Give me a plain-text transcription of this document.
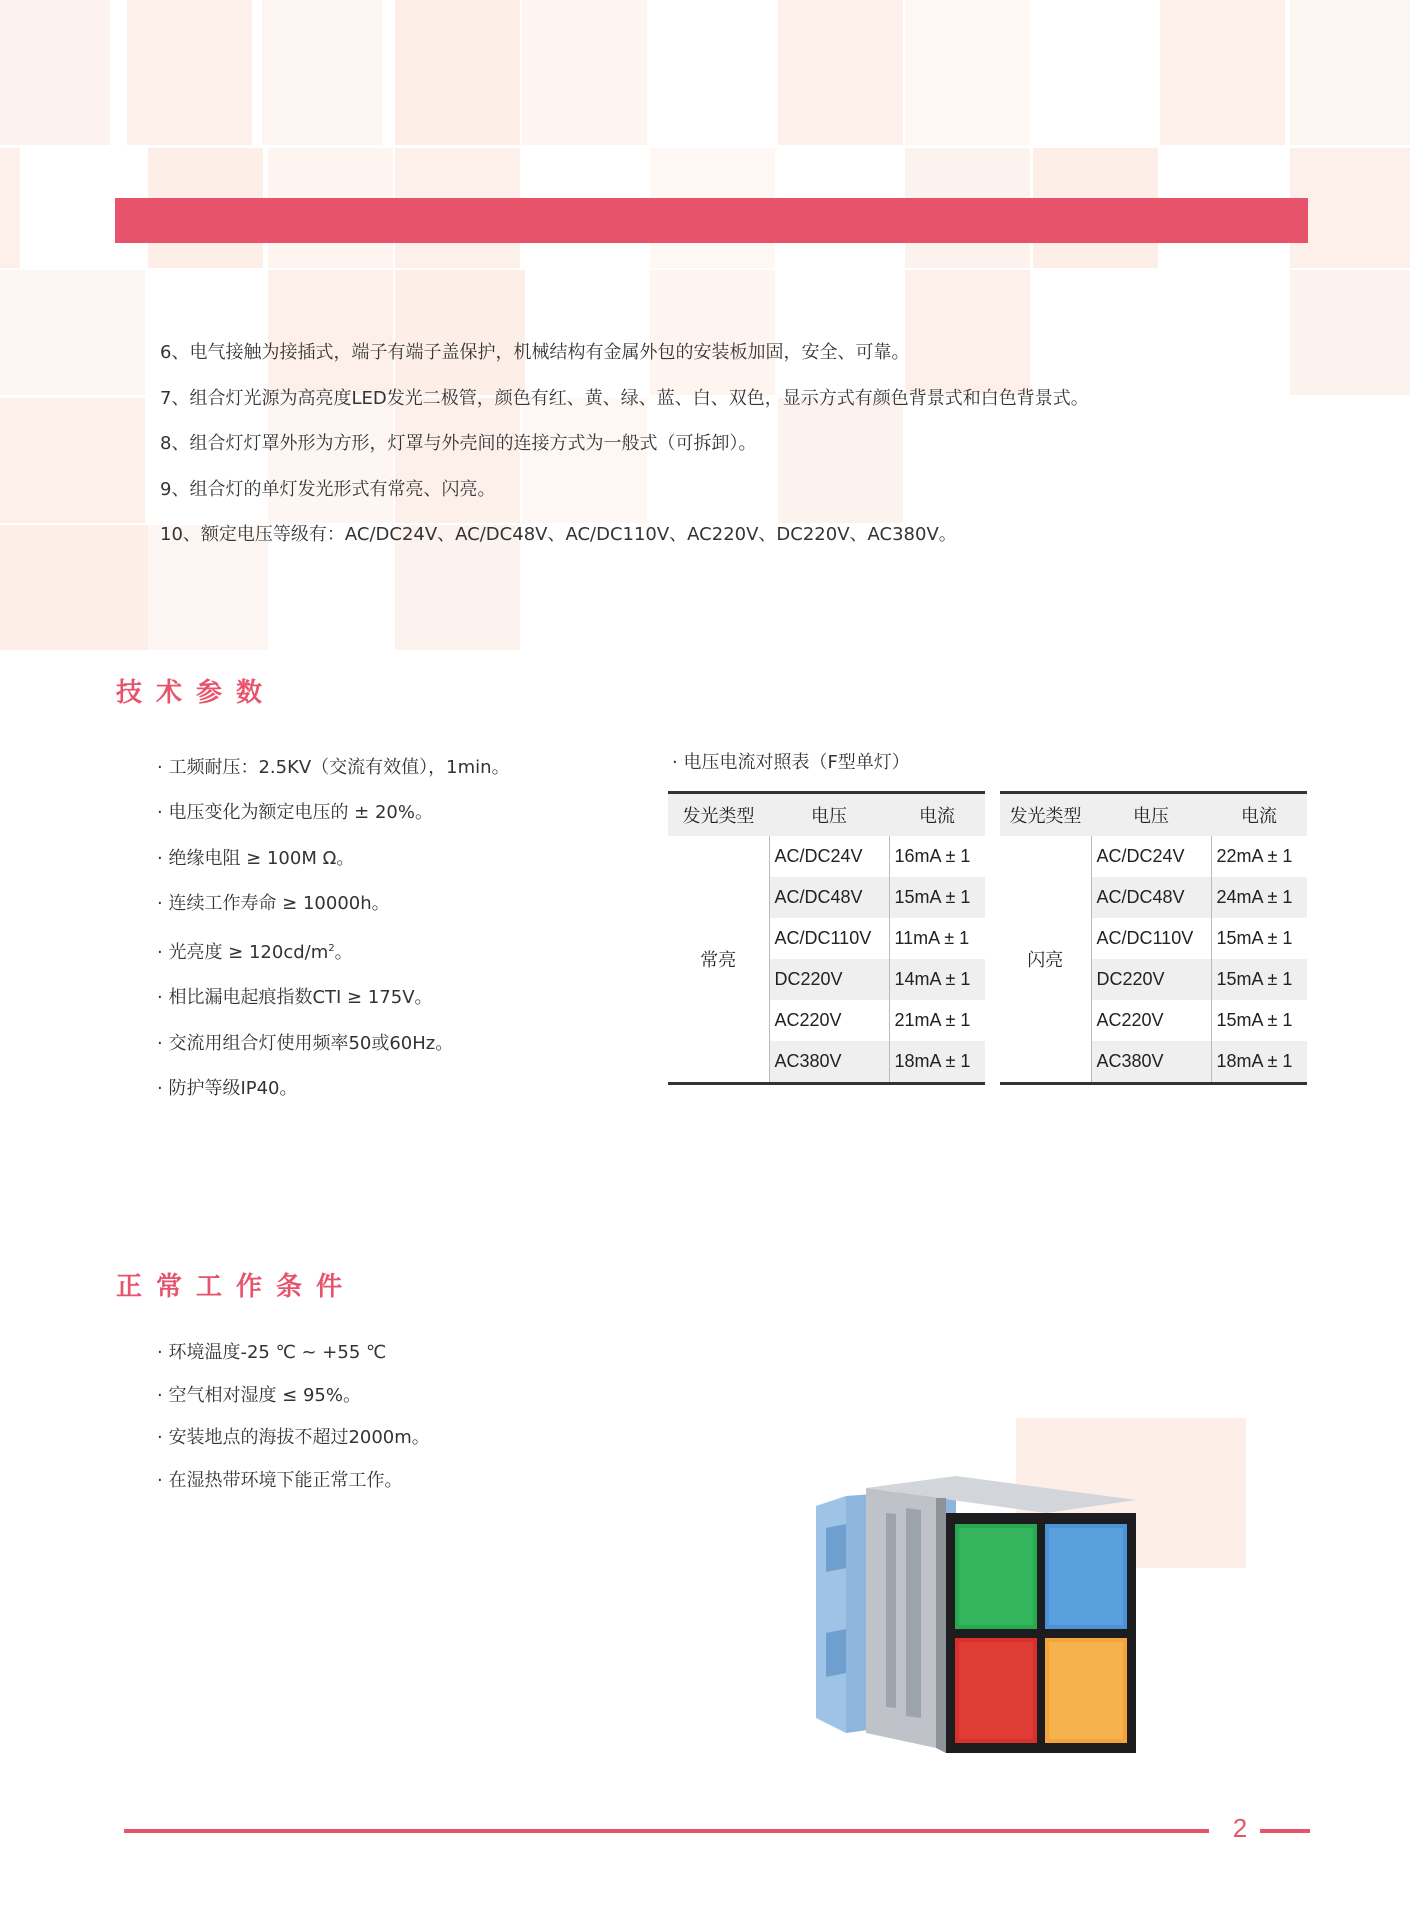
6、电气接触为接插式，端子有端子盖保护，机械结构有金属外包的安装板加固，安全、可靠。
7、组合灯光源为高亮度LED发光二极管，颜色有红、黄、绿、蓝、白、双色，显示方式有颜色背景式和白色背景式。
8、组合灯灯罩外形为方形，灯罩与外壳间的连接方式为一般式（可拆卸）。
9、组合灯的单灯发光形式有常亮、闪亮。
10、额定电压等级有：AC/DC24V、AC/DC48V、AC/DC110V、AC220V、DC220V、AC380V。
技术参数
· 工频耐压：2.5KV（交流有效值），1min。
· 电压变化为额定电压的 ± 20%。
· 绝缘电阻 ≥ 100M Ω。
· 连续工作寿命 ≥ 10000h。
· 光亮度 ≥ $120cd/m^2$。
· 相比漏电起痕指数CTI ≥ 175V。
· 交流用组合灯使用频率50或60Hz。
· 防护等级IP40。
· 电压电流对照表（F型单灯）
发光类型	电压	电流
常亮	AC/DC24V	16mA ± 1
	AC/DC48V	15mA ± 1
	AC/DC110V	11mA ± 1
	DC220V	14mA ± 1
	AC220V	21mA ± 1
	AC380V	18mA ± 1
发光类型	电压	电流
闪亮	AC/DC24V	22mA ± 1
	AC/DC48V	24mA ± 1
	AC/DC110V	15mA ± 1
	DC220V	15mA ± 1
	AC220V	15mA ± 1
	AC380V	18mA ± 1
正常工作条件
· 环境温度-25 ℃ ~ +55 ℃
· 空气相对湿度 ≤ 95%。
· 安装地点的海拔不超过2000m。
· 在湿热带环境下能正常工作。
2
